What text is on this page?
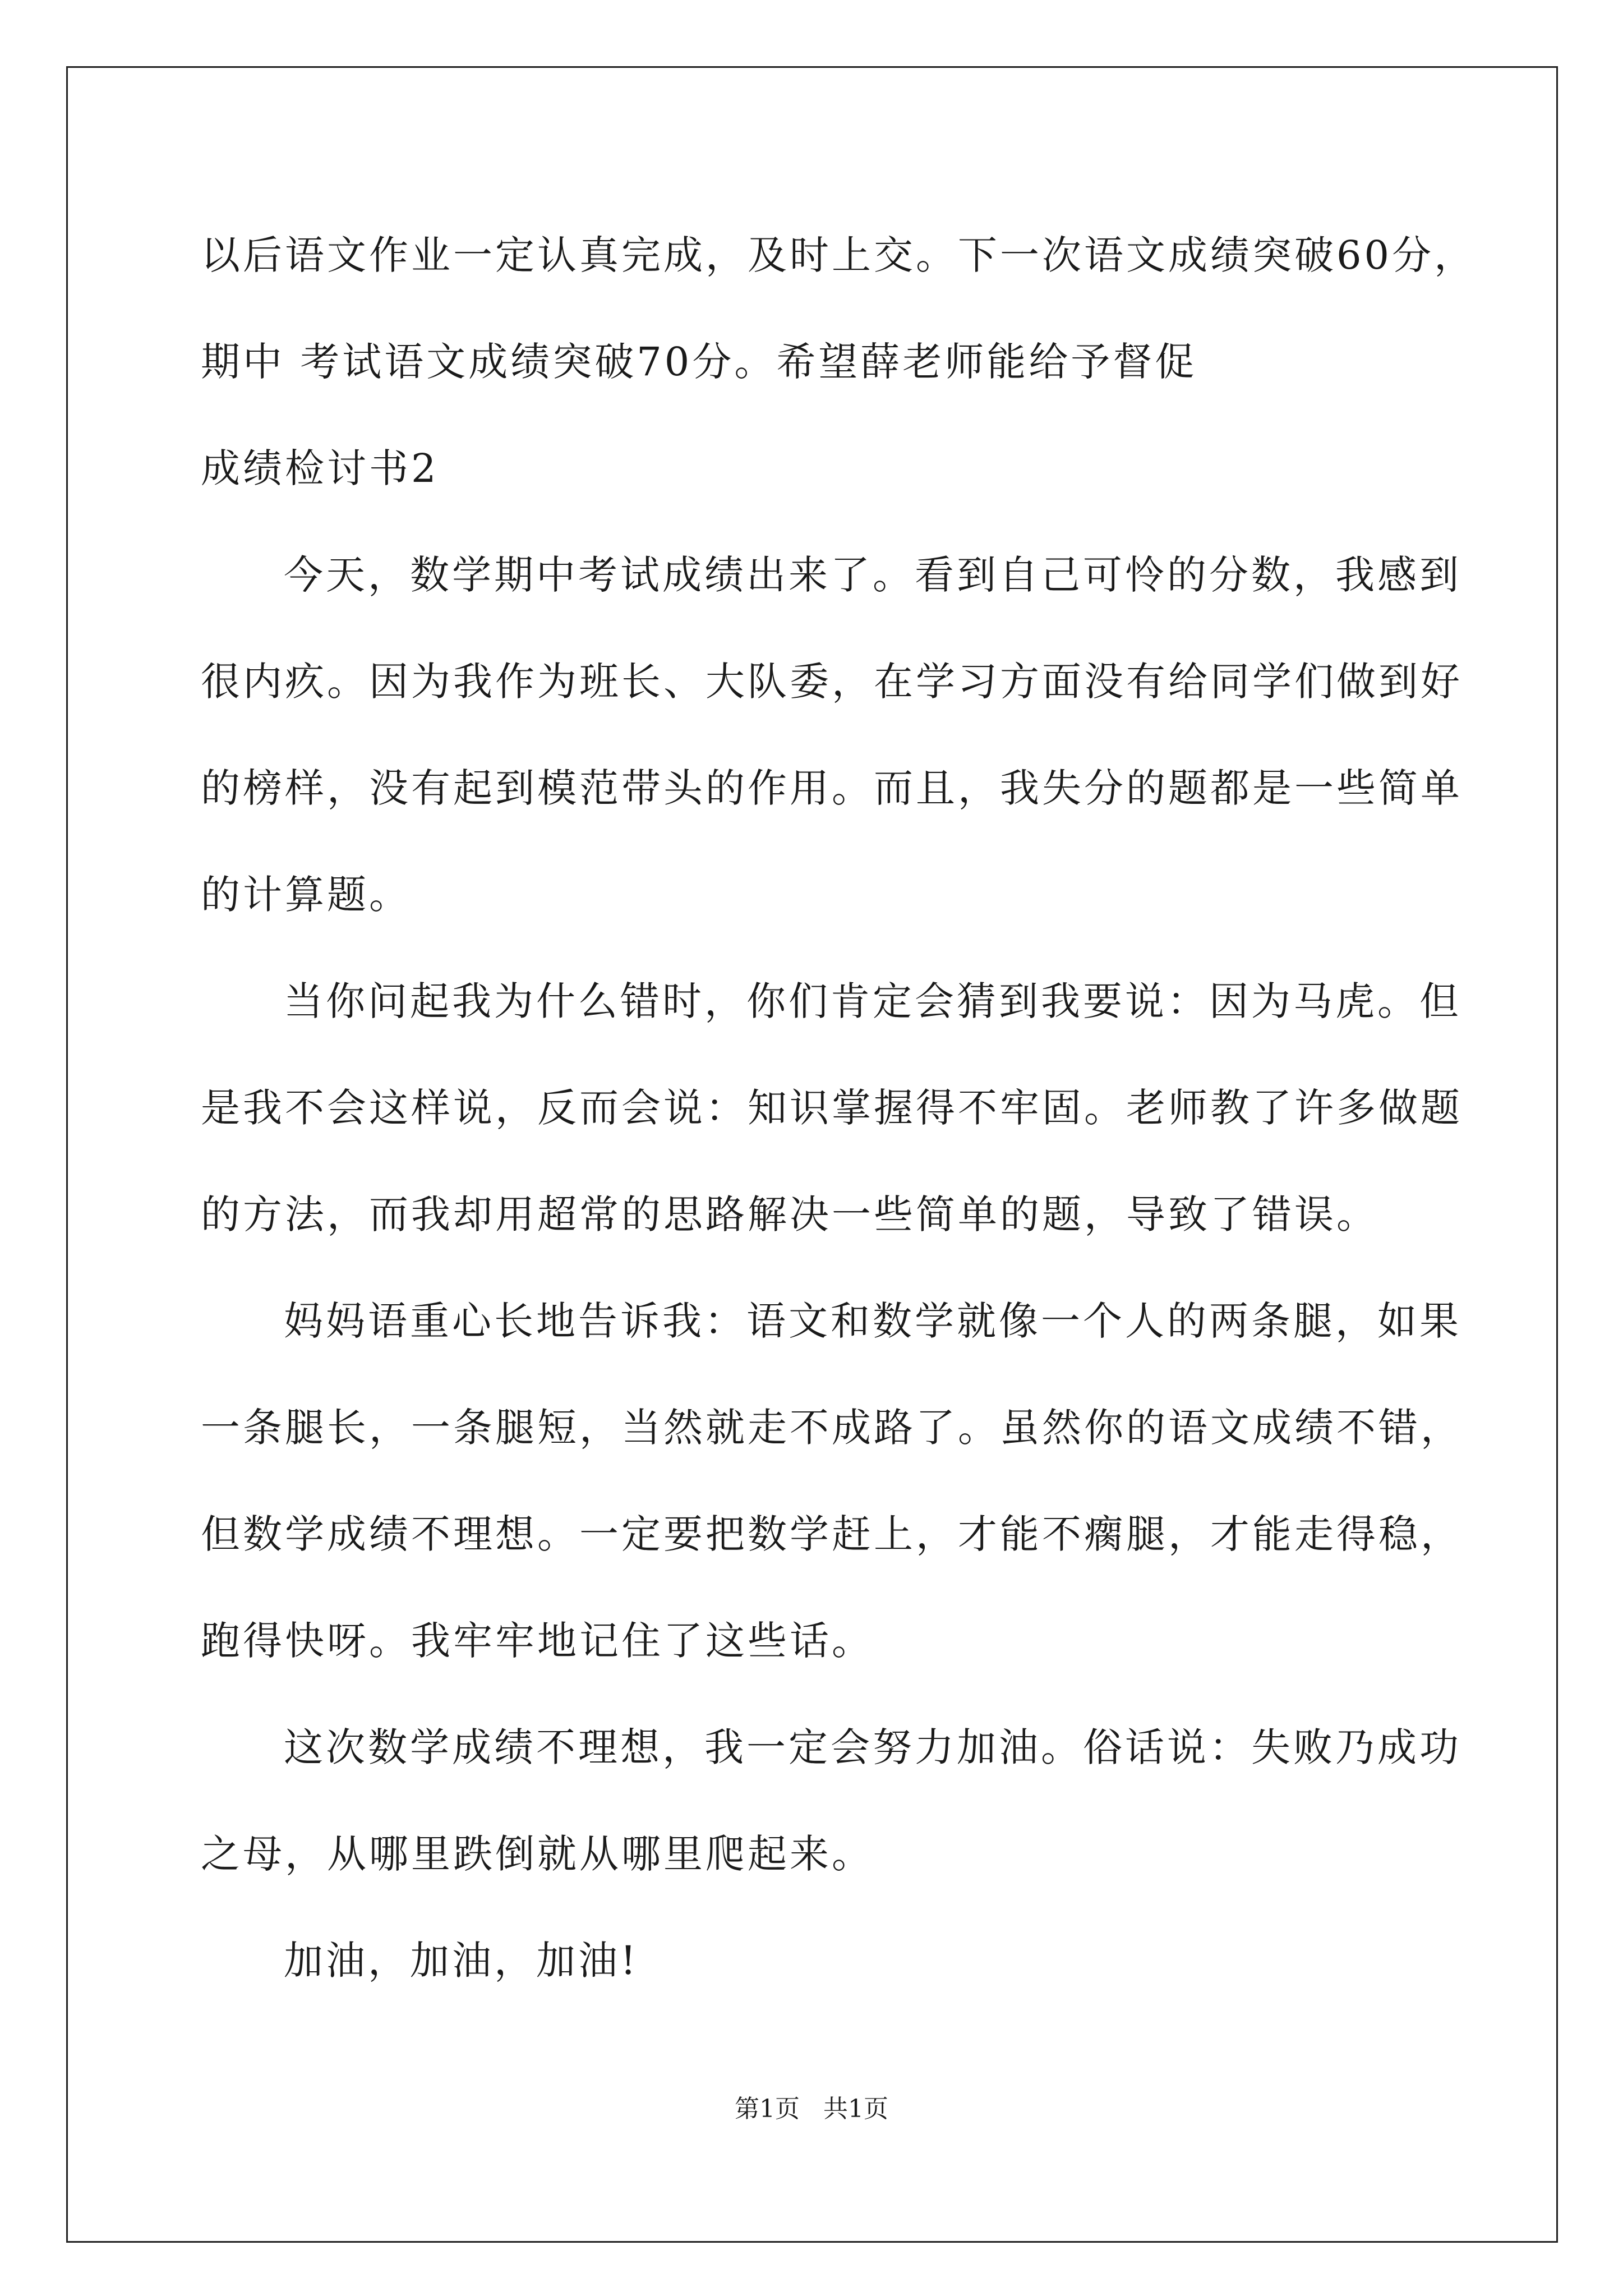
以后语文作业一定认真完成，及时上交。下一次语文成绩突破60分，
期中 考试语文成绩突破70分。希望薛老师能给予督促
成绩检讨书2
今天，数学期中考试成绩出来了。看到自己可怜的分数，我感到
很内疚。因为我作为班长、大队委，在学习方面没有给同学们做到好
的榜样，没有起到模范带头的作用。而且，我失分的题都是一些简单
的计算题。
当你问起我为什么错时，你们肯定会猜到我要说：因为马虎。但
是我不会这样说，反而会说：知识掌握得不牢固。老师教了许多做题
的方法，而我却用超常的思路解决一些简单的题，导致了错误。
妈妈语重心长地告诉我：语文和数学就像一个人的两条腿，如果
一条腿长，一条腿短，当然就走不成路了。虽然你的语文成绩不错，
但数学成绩不理想。一定要把数学赶上，才能不瘸腿，才能走得稳，
跑得快呀。我牢牢地记住了这些话。
这次数学成绩不理想，我一定会努力加油。俗话说：失败乃成功
之母，从哪里跌倒就从哪里爬起来。
加油，加油，加油!
第1页   共1页
